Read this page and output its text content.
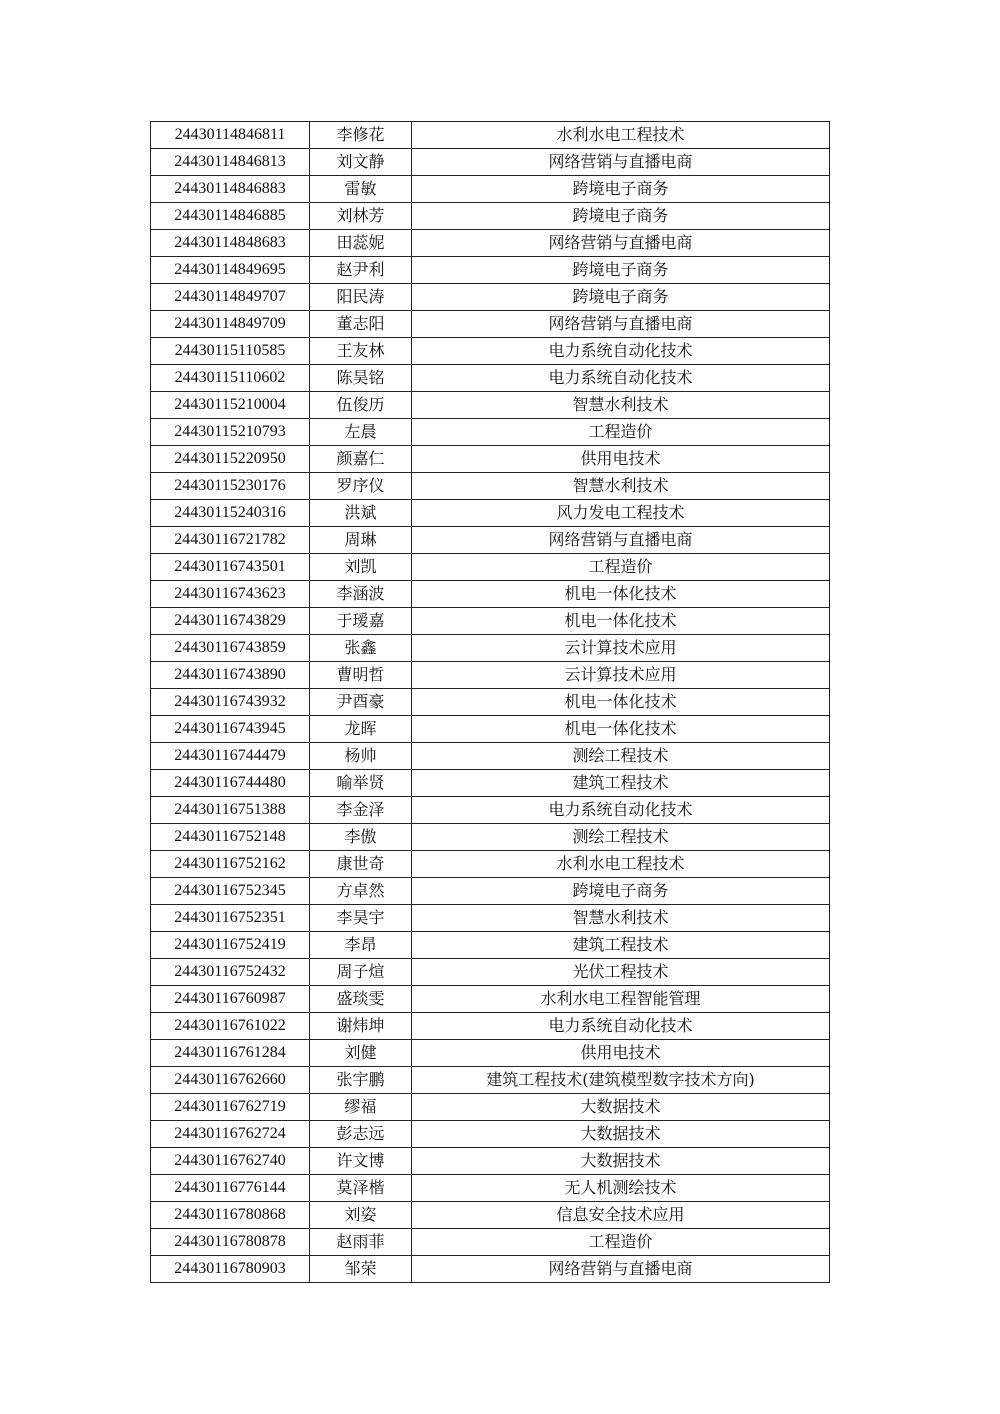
24430114846811	李修花	水利水电工程技术
24430114846813	刘文静	网络营销与直播电商
24430114846883	雷敏	跨境电子商务
24430114846885	刘林芳	跨境电子商务
24430114848683	田蕊妮	网络营销与直播电商
24430114849695	赵尹利	跨境电子商务
24430114849707	阳民涛	跨境电子商务
24430114849709	董志阳	网络营销与直播电商
24430115110585	王友林	电力系统自动化技术
24430115110602	陈昊铭	电力系统自动化技术
24430115210004	伍俊历	智慧水利技术
24430115210793	左晨	工程造价
24430115220950	颜嘉仁	供用电技术
24430115230176	罗序仪	智慧水利技术
24430115240316	洪斌	风力发电工程技术
24430116721782	周琳	网络营销与直播电商
24430116743501	刘凯	工程造价
24430116743623	李涵波	机电一体化技术
24430116743829	于瑷嘉	机电一体化技术
24430116743859	张鑫	云计算技术应用
24430116743890	曹明哲	云计算技术应用
24430116743932	尹酉豪	机电一体化技术
24430116743945	龙晖	机电一体化技术
24430116744479	杨帅	测绘工程技术
24430116744480	喻举贤	建筑工程技术
24430116751388	李金泽	电力系统自动化技术
24430116752148	李傲	测绘工程技术
24430116752162	康世奇	水利水电工程技术
24430116752345	方卓然	跨境电子商务
24430116752351	李昊宇	智慧水利技术
24430116752419	李昂	建筑工程技术
24430116752432	周子煊	光伏工程技术
24430116760987	盛琰雯	水利水电工程智能管理
24430116761022	谢炜坤	电力系统自动化技术
24430116761284	刘健	供用电技术
24430116762660	张宇鹏	建筑工程技术(建筑模型数字技术方向)
24430116762719	缪福	大数据技术
24430116762724	彭志远	大数据技术
24430116762740	许文博	大数据技术
24430116776144	莫泽楷	无人机测绘技术
24430116780868	刘姿	信息安全技术应用
24430116780878	赵雨菲	工程造价
24430116780903	邹荣	网络营销与直播电商
